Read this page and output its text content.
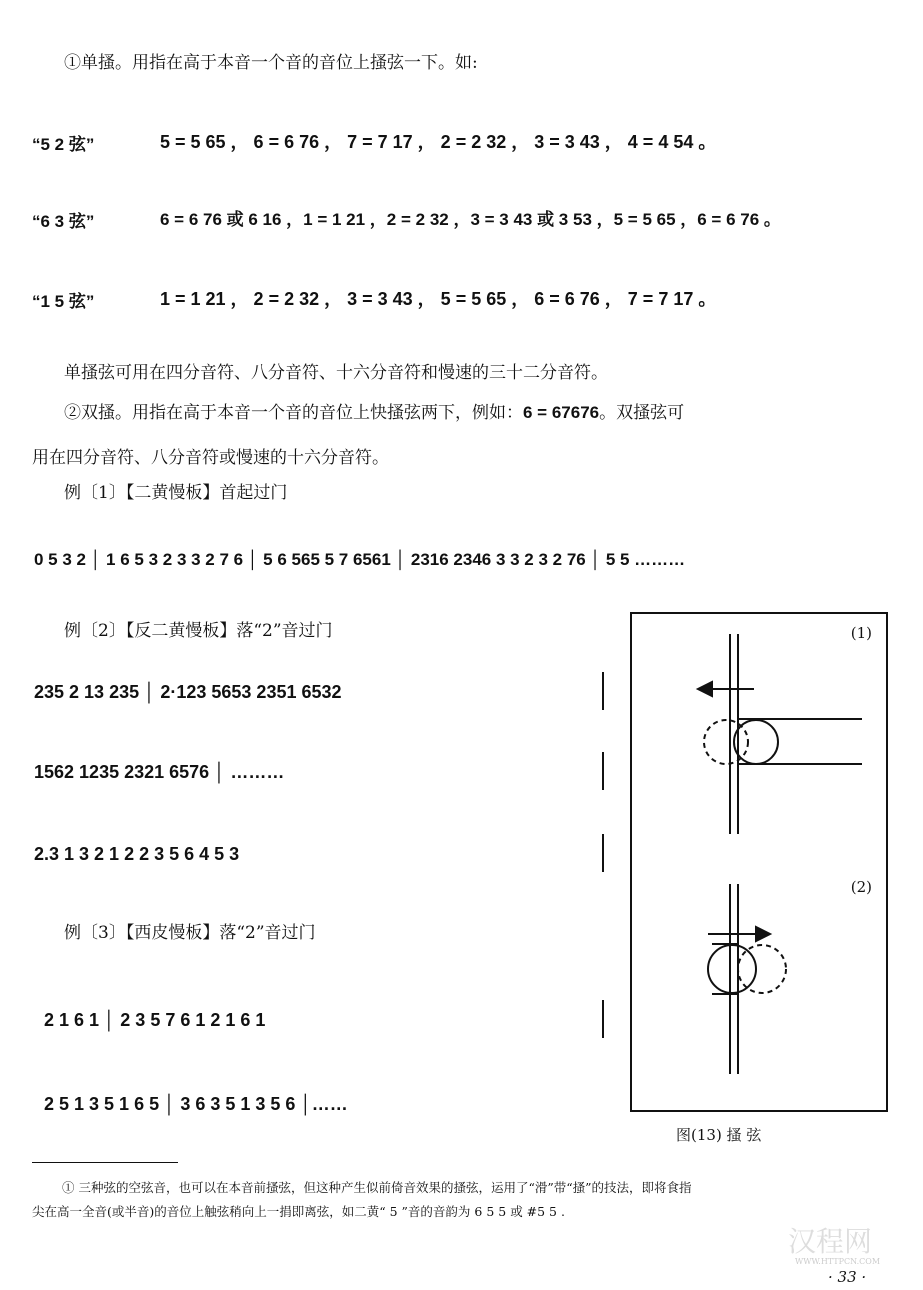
①单搔。用指在高于本音一个音的音位上搔弦一下。如:
“5 2 弦”	5 = 5 65 ， 6 = 6 76 ， 7 = 7 17 ， 2 = 2 32 ， 3 = 3 43 ， 4 = 4 54 。
“6 3 弦”	6 = 6 76 或 6 16 ，1 = 1 21 ，2 = 2 32 ，3 = 3 43 或 3 53 ，5 = 5 65 ，6 = 6 76 。
“1 5 弦”	1 = 1 21 ， 2 = 2 32 ， 3 = 3 43 ， 5 = 5 65 ， 6 = 6 76 ， 7 = 7 17 。
单搔弦可用在四分音符、八分音符、十六分音符和慢速的三十二分音符。
②双搔。用指在高于本音一个音的音位上快搔弦两下，例如：6 = 67676。双搔弦可
用在四分音符、八分音符或慢速的十六分音符。
例〔1〕【二黄慢板】首起过门
0 5 3 2 │ 1 6 5 3 2 3 3 2 7 6 │ 5 6 565 5 7 6561 │ 2316 2346 3 3 2 3 2 76 │ 5 5 ………
例〔2〕【反二黄慢板】落“2”音过门
235 2 13 235 │ 2·123 5653 2351 6532
1562 1235 2321 6576 │ ………
2.3 1 3 2 1 2 2 3 5 6 4 5 3
例〔3〕【西皮慢板】落“2”音过门
2 1 6 1 │ 2 3 5 7 6 1 2 1 6 1
2 5 1 3 5 1 6 5 │ 3 6 3 5 1 3 5 6 │……
(1)
(2)
图(13) 搔 弦
① 三种弦的空弦音，也可以在本音前搔弦，但这种产生似前倚音效果的搔弦，运用了“滑”带“搔”的技法，即将食指
尖在高一全音(或半音)的音位上触弦稍向上一捐即离弦，如二黄“ 5 ”音的音韵为 6 5 5 或 #5 5 .
汉程网
WWW.HTTPCN.COM
· 33 ·
